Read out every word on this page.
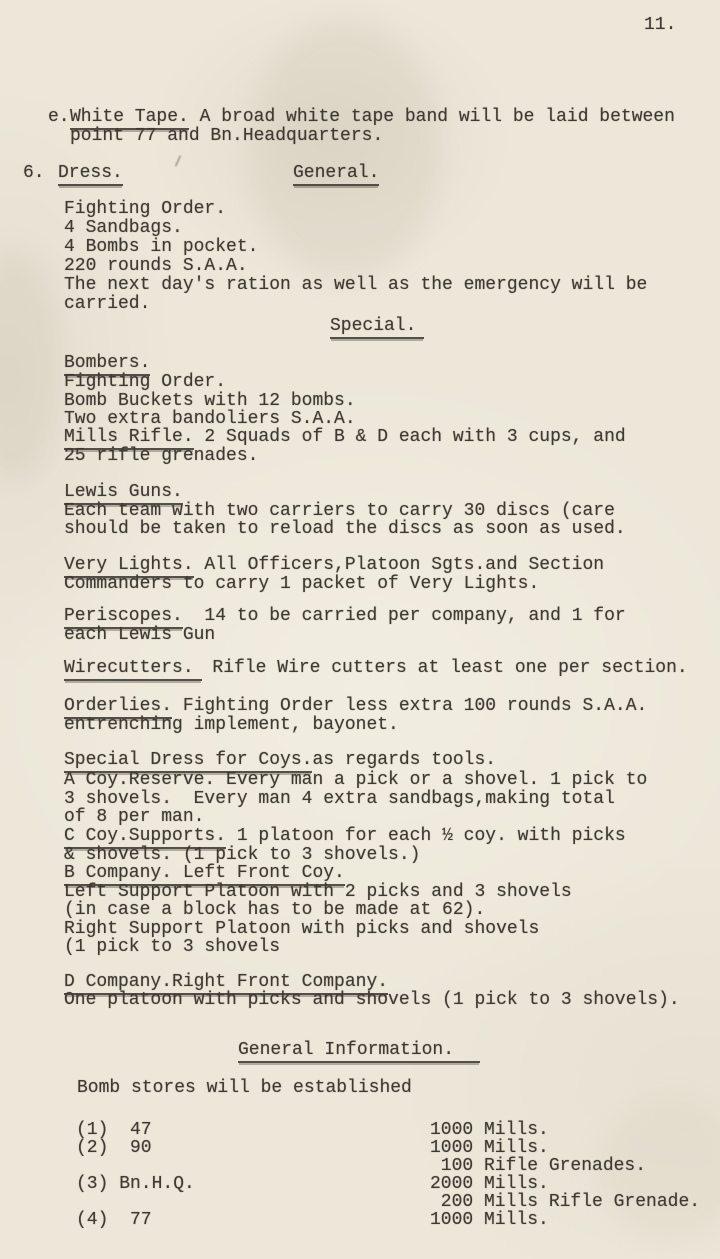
11.
e. White Tape. A broad white tape band will be laid between
point 77 and Bn.Headquarters.
6. Dress.	General.
Fighting Order.
4 Sandbags.
4 Bombs in pocket.
220 rounds S.A.A.
The next day's ration as well as the emergency will be
carried.
Special.
Bombers.
Fighting Order.
Bomb Buckets with 12 bombs.
Two extra bandoliers S.A.A.
Mills Rifle. 2 Squads of B & D each with 3 cups, and
25 rifle grenades.
Lewis Guns.
Each team with two carriers to carry 30 discs (care
should be taken to reload the discs as soon as used.
Very Lights. All Officers,Platoon Sgts.and Section
Commanders to carry 1 packet of Very Lights.
Periscopes.  14 to be carried per company, and 1 for
each Lewis Gun
Wirecutters. Rifle Wire cutters at least one per section.
Orderlies. Fighting Order less extra 100 rounds S.A.A.
entrenching implement, bayonet.
Special Dress for Coys.as regards tools.
A Coy.Reserve. Every man a pick or a shovel. 1 pick to
3 shovels.  Every man 4 extra sandbags,making total
of 8 per man.
C Coy.Supports. 1 platoon for each ½ coy. with picks
& shovels. (1 pick to 3 shovels.)
B Company. Left Front Coy.
Left Support Platoon with 2 picks and 3 shovels
(in case a block has to be made at 62).
Right Support Platoon with picks and shovels
(1 pick to 3 shovels
D Company.Right Front Company.
One platoon with picks and shovels (1 pick to 3 shovels).
General Information.
Bomb stores will be established
(1)  47	1000 Mills.
(2)  90	1000 Mills.
100 Rifle Grenades.
(3) Bn.H.Q.	2000 Mills.
200 Mills Rifle Grenade.
(4)  77	1000 Mills.
